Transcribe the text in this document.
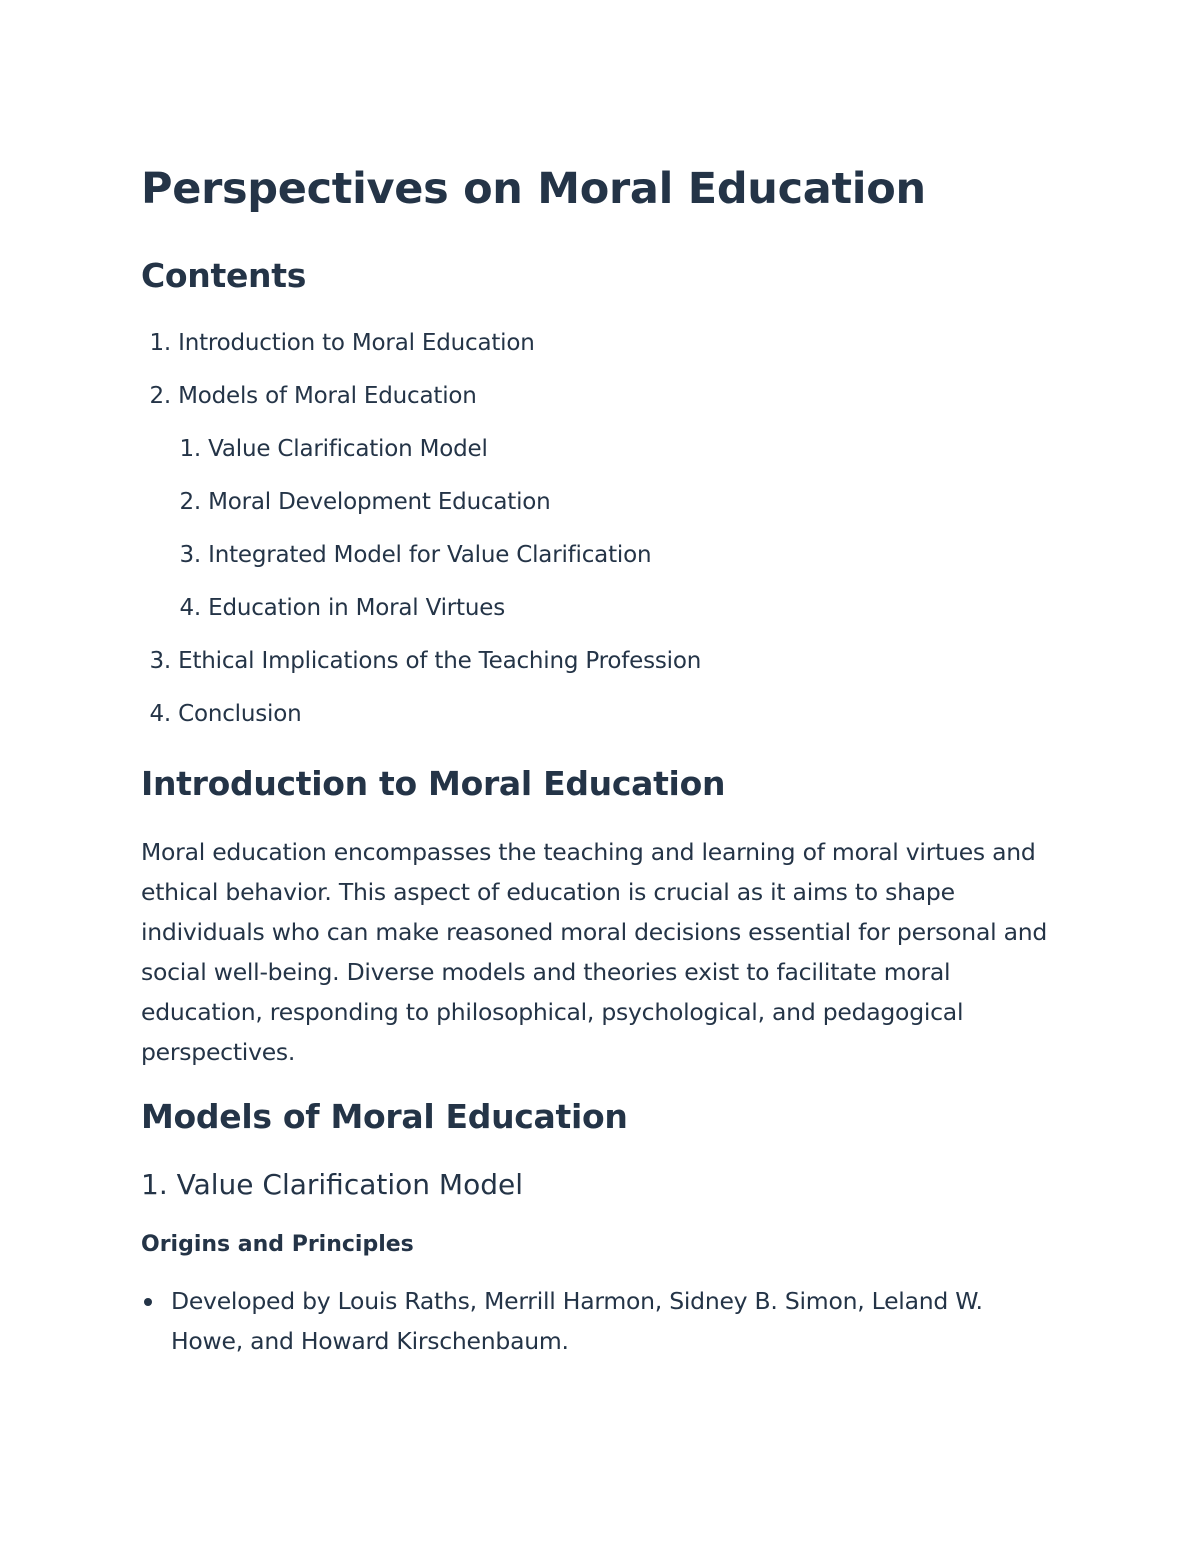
Perspectives on Moral Education
Contents
1. Introduction to Moral Education
2. Models of Moral Education
1. Value Clarification Model
2. Moral Development Education
3. Integrated Model for Value Clarification
4. Education in Moral Virtues
3. Ethical Implications of the Teaching Profession
4. Conclusion
Introduction to Moral Education

Moral education encompasses the teaching and learning of moral virtues and ethical behavior. This aspect of education is crucial as it aims to shape individuals who can make reasoned moral decisions essential for personal and social well-being. Diverse models and theories exist to facilitate moral education, responding to philosophical, psychological, and pedagogical perspectives.

Models of Moral Education
1. Value Clarification Model
Origins and Principles
Developed by Louis Raths, Merrill Harmon, Sidney B. Simon, Leland W. Howe, and Howard Kirschenbaum.
